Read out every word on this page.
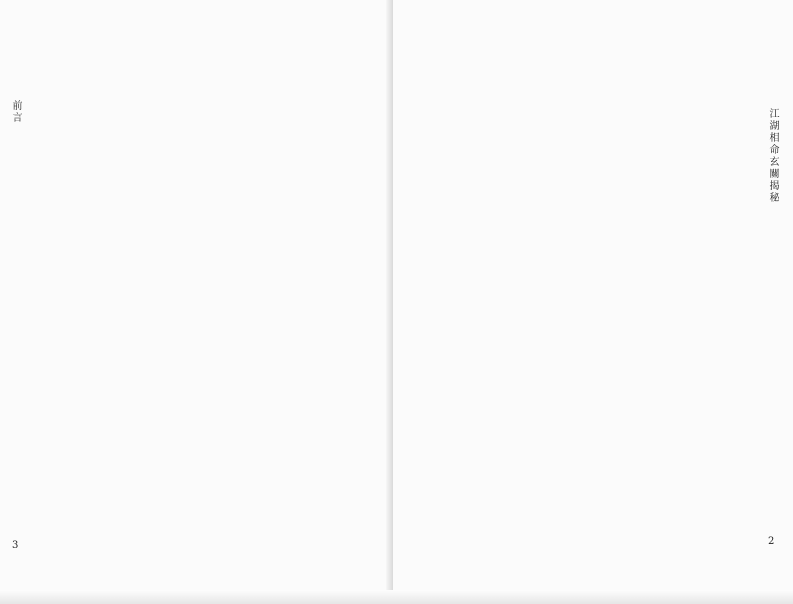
前言
3
江湖相命玄關揭秘
2
